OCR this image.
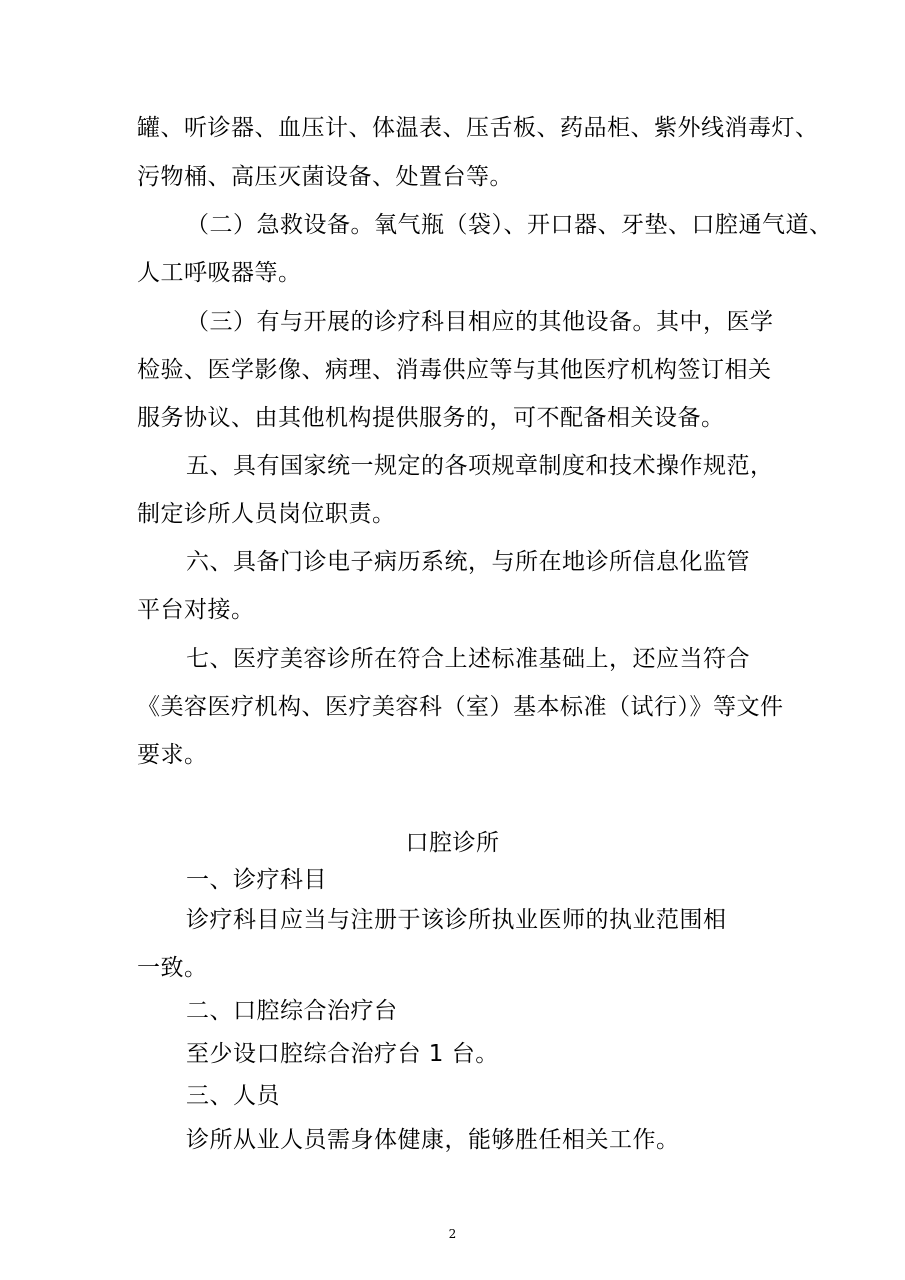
罐、听诊器、血压计、体温表、压舌板、药品柜、紫外线消毒灯、
污物桶、高压灭菌设备、处置台等。
（二）急救设备。氧气瓶（袋）、开口器、牙垫、口腔通气道、
人工呼吸器等。
（三）有与开展的诊疗科目相应的其他设备。其中，医学
检验、医学影像、病理、消毒供应等与其他医疗机构签订相关
服务协议、由其他机构提供服务的，可不配备相关设备。
五、具有国家统一规定的各项规章制度和技术操作规范，
制定诊所人员岗位职责。
六、具备门诊电子病历系统，与所在地诊所信息化监管
平台对接。
七、医疗美容诊所在符合上述标准基础上，还应当符合
《美容医疗机构、医疗美容科（室）基本标准（试行）》等文件
要求。
口腔诊所
一、诊疗科目
诊疗科目应当与注册于该诊所执业医师的执业范围相
一致。
二、口腔综合治疗台
至少设口腔综合治疗台 1 台。
三、人员
诊所从业人员需身体健康，能够胜任相关工作。
2
